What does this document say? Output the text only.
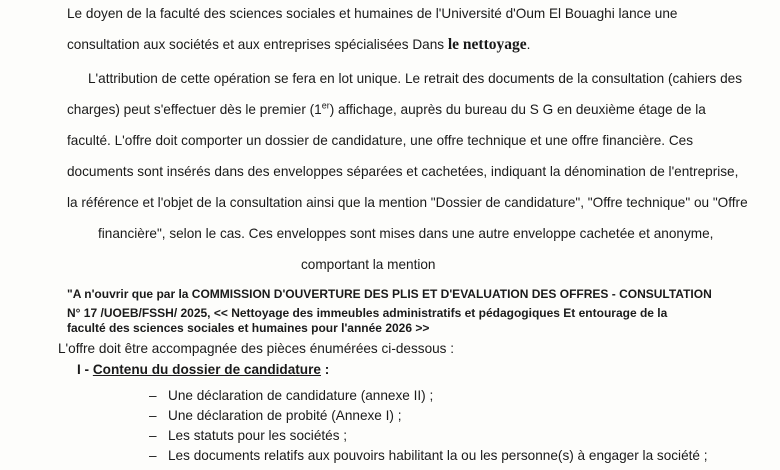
Le doyen de la faculté des sciences sociales et humaines de l'Université d'Oum El Bouaghi lance une
consultation aux sociétés et aux entreprises spécialisées Dans le nettoyage.
L'attribution de cette opération se fera en lot unique. Le retrait des documents de la consultation (cahiers des
charges) peut s'effectuer dès le premier (1er) affichage, auprès du bureau du S G en deuxième étage de la
faculté. L'offre doit comporter un dossier de candidature, une offre technique et une offre financière. Ces
documents sont insérés dans des enveloppes séparées et cachetées, indiquant la dénomination de l'entreprise,
la référence et l'objet de la consultation ainsi que la mention "Dossier de candidature", "Offre technique" ou "Offre
financière", selon le cas. Ces enveloppes sont mises dans une autre enveloppe cachetée et anonyme,
comportant la mention
"A n'ouvrir que par la COMMISSION D'OUVERTURE DES PLIS ET D'EVALUATION DES OFFRES - CONSULTATION
N° 17 /UOEB/FSSH/ 2025, << Nettoyage des immeubles administratifs et pédagogiques Et entourage de la
faculté des sciences sociales et humaines pour l'année 2026 >>
L'offre doit être accompagnée des pièces énumérées ci-dessous :
I - Contenu du dossier de candidature :
– Une déclaration de candidature (annexe II) ;
– Une déclaration de probité (Annexe I) ;
– Les statuts pour les sociétés ;
– Les documents relatifs aux pouvoirs habilitant la ou les personne(s) à engager la société ;
